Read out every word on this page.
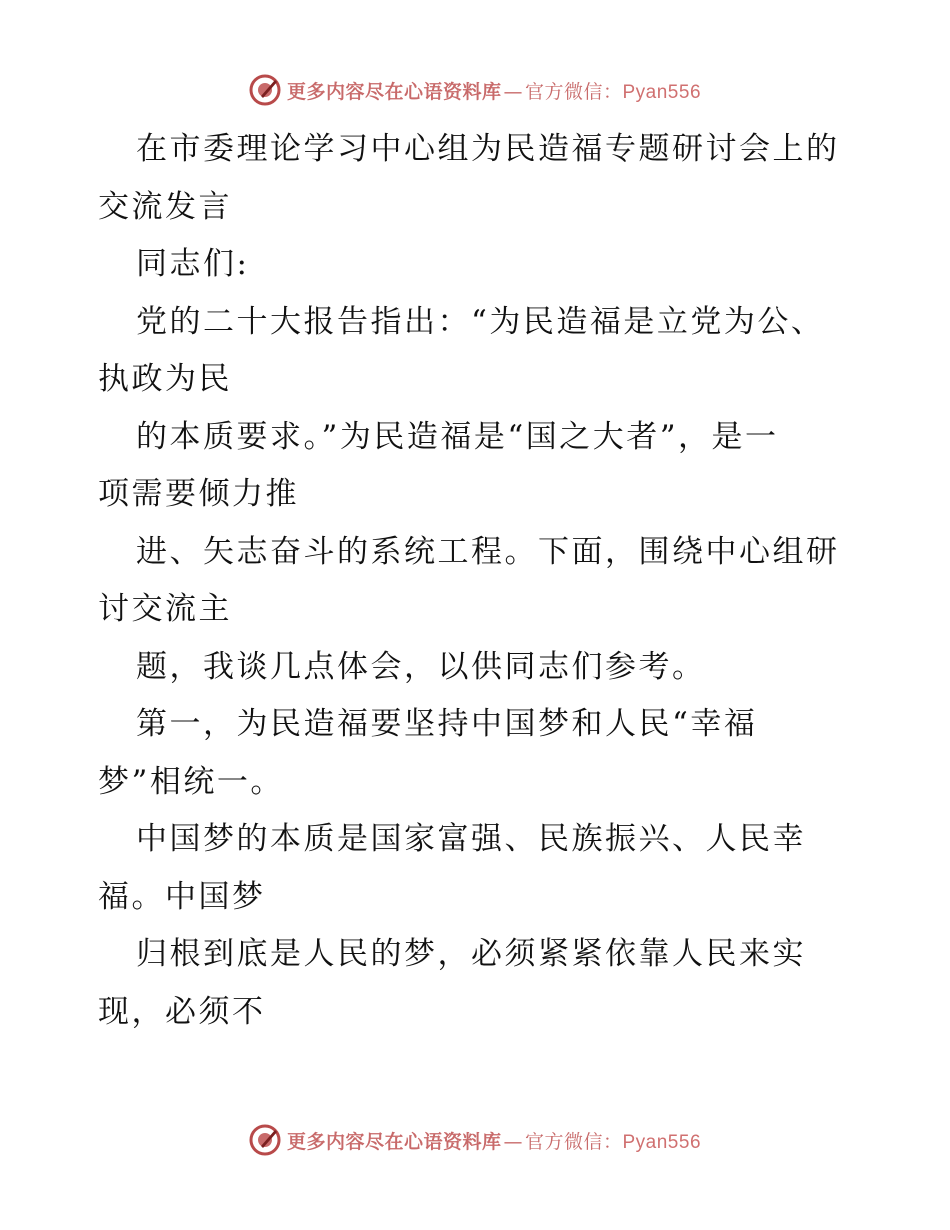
更多内容尽在心语资料库 — 官方微信：Pyan556
在市委理论学习中心组为民造福专题研讨会上的
交流发言
同志们:
党的二十大报告指出：“为民造福是立党为公、
执政为民
的本质要求。”为民造福是“国之大者”，是一
项需要倾力推
进、矢志奋斗的系统工程。下面，围绕中心组研
讨交流主
题，我谈几点体会，以供同志们参考。
第一，为民造福要坚持中国梦和人民“幸福
梦”相统一。
中国梦的本质是国家富强、民族振兴、人民幸
福。中国梦
归根到底是人民的梦，必须紧紧依靠人民来实
现，必须不
更多内容尽在心语资料库 — 官方微信：Pyan556
